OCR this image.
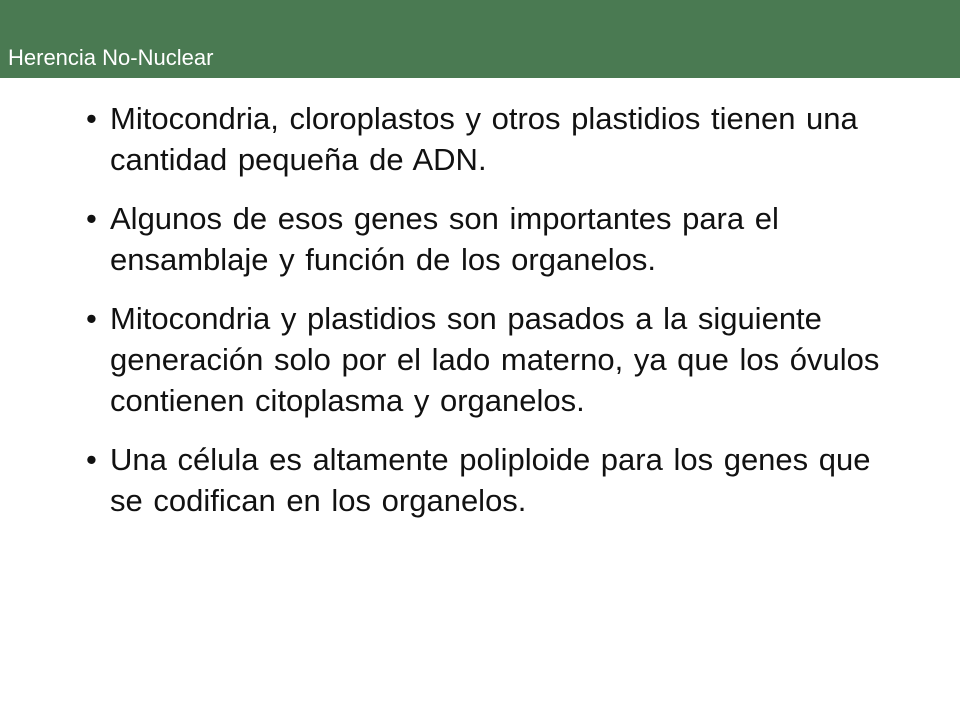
Herencia No-Nuclear
• Mitocondria, cloroplastos y otros plastidios tienen una cantidad pequeña de ADN.
• Algunos de esos genes son importantes para el ensamblaje y función de los organelos.
• Mitocondria y plastidios son pasados a la siguiente generación solo por el lado materno, ya que los óvulos contienen citoplasma y organelos.
• Una célula es altamente poliploide para los genes que se codifican en los organelos.
